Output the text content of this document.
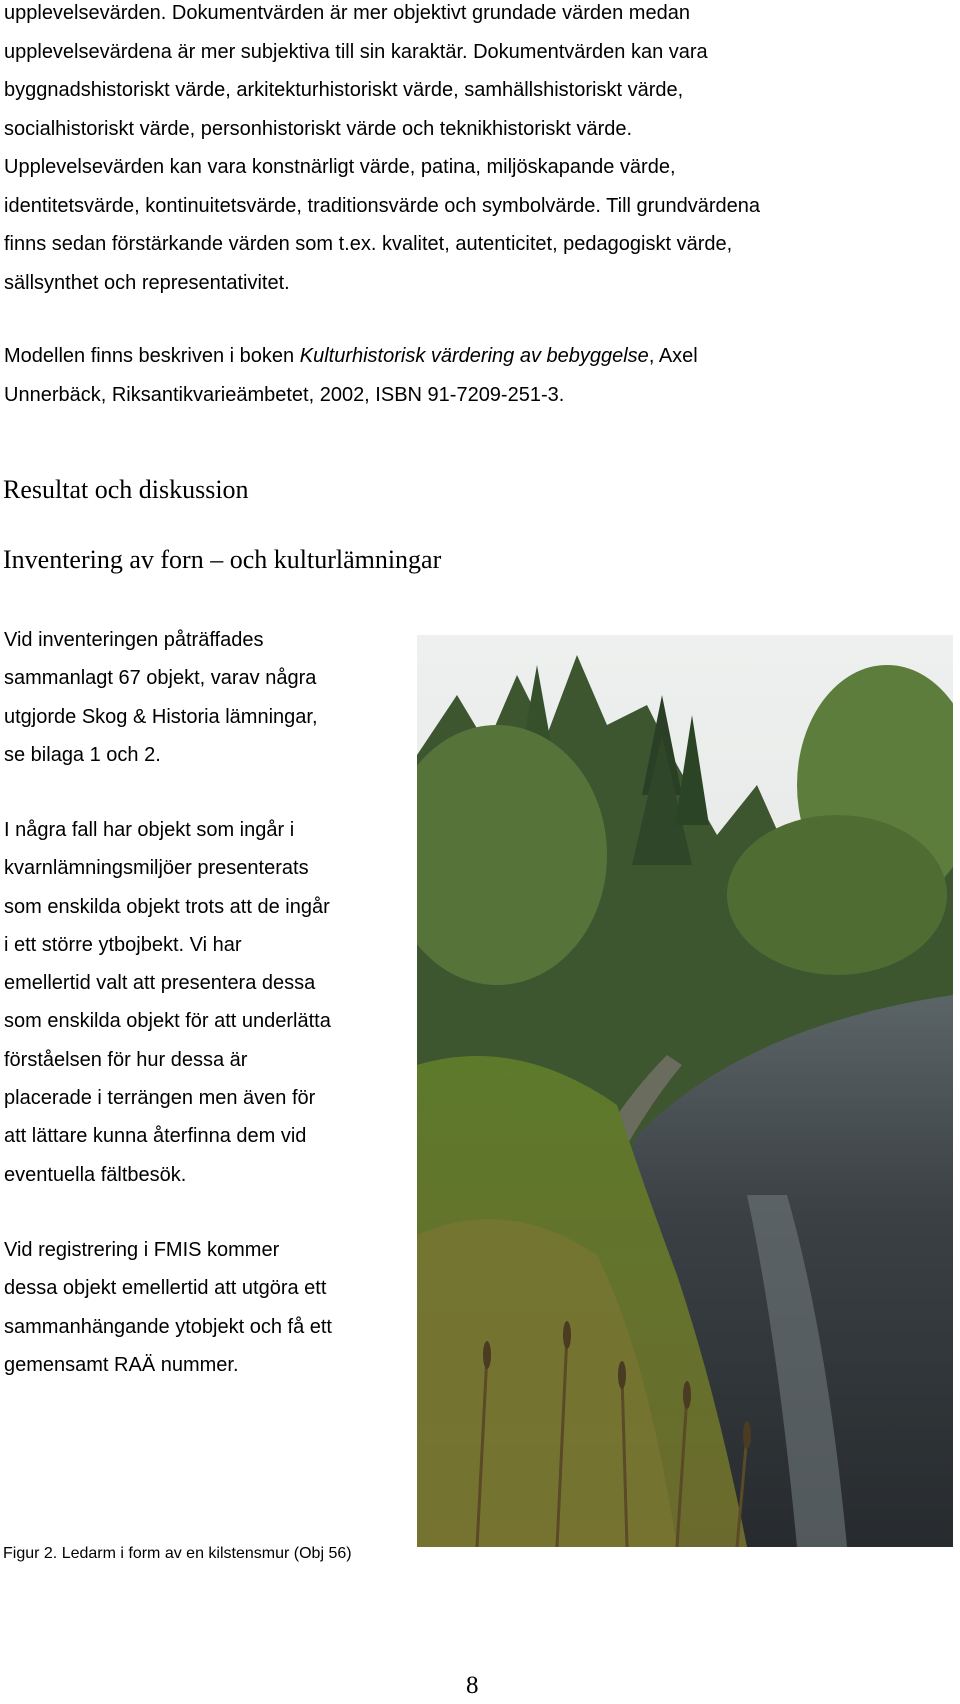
upplevelsevärden. Dokumentvärden är mer objektivt grundade värden medan
upplevelsevärdena är mer subjektiva till sin karaktär. Dokumentvärden kan vara
byggnadshistoriskt värde, arkitekturhistoriskt värde, samhällshistoriskt värde,
socialhistoriskt värde, personhistoriskt värde och teknikhistoriskt värde.
Upplevelsevärden kan vara konstnärligt värde, patina, miljöskapande värde,
identitetsvärde, kontinuitetsvärde, traditionsvärde och symbolvärde. Till grundvärdena
finns sedan förstärkande värden som t.ex. kvalitet, autenticitet, pedagogiskt värde,
sällsynthet och representativitet.

Modellen finns beskriven i boken Kulturhistorisk värdering av bebyggelse, Axel
Unnerbäck, Riksantikvarieämbetet, 2002, ISBN 91-7209-251-3.

Resultat och diskussion
Inventering av forn – och kulturlämningar

Vid inventeringen påträffades
sammanlagt 67 objekt, varav några
utgjorde Skog & Historia lämningar,
se bilaga 1 och 2.

I några fall har objekt som ingår i
kvarnlämningsmiljöer presenterats
som enskilda objekt trots att de ingår
i ett större ytbojbekt. Vi har
emellertid valt att presentera dessa
som enskilda objekt för att underlätta
förståelsen för hur dessa är
placerade i terrängen men även för
att lättare kunna återfinna dem vid
eventuella fältbesök.

Vid registrering i FMIS kommer
dessa objekt emellertid att utgöra ett
sammanhängande ytobjekt och få ett
gemensamt RAÄ nummer.

Figur 2. Ledarm i form av en kilstensmur (Obj 56)

8
